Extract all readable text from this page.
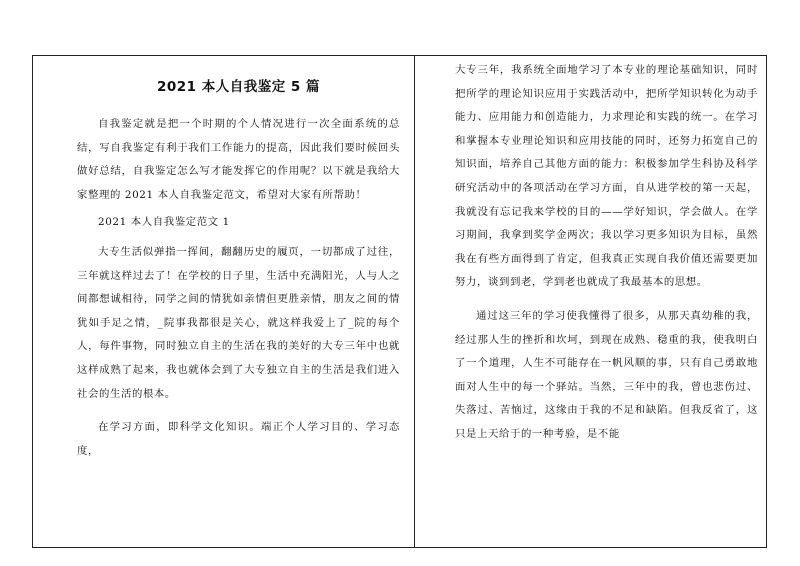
2021 本人自我鉴定 5 篇

自我鉴定就是把一个时期的个人情况进行一次全面系统的总结，写自我鉴定有利于我们工作能力的提高，因此我们要时候回头做好总结，自我鉴定怎么写才能发挥它的作用呢？以下就是我给大家整理的 2021 本人自我鉴定范文，希望对大家有所帮助！

2021 本人自我鉴定范文 1

大专生活似弹指一挥间，翻翻历史的履页，一切都成了过往，三年就这样过去了！在学校的日子里，生活中充满阳光，人与人之间都想诚相待，同学之间的情犹如亲情但更胜亲情，朋友之间的情犹如手足之情，_院事我都很是关心，就这样我爱上了_院的每个人，每件事物，同时独立自主的生活在我的美好的大专三年中也就这样成熟了起来，我也就体会到了大专独立自主的生活是我们进入社会的生活的根本。

在学习方面，即科学文化知识。端正个人学习目的、学习态度，

大专三年，我系统全面地学习了本专业的理论基础知识，同时把所学的理论知识应用于实践活动中，把所学知识转化为动手能力、应用能力和创造能力，力求理论和实践的统一。在学习和掌握本专业理论知识和应用技能的同时，还努力拓宽自己的知识面，培养自己其他方面的能力：积极参加学生科协及科学研究活动中的各项活动在学习方面，自从进学校的第一天起，我就没有忘记我来学校的目的——学好知识，学会做人。在学习期间，我拿到奖学金两次；我以学习更多知识为目标，虽然我在有些方面得到了肯定，但我真正实现自我价值还需要更加努力，谈到到老，学到老也就成了我最基本的思想。

通过这三年的学习使我懂得了很多，从那天真幼稚的我，经过那人生的挫折和坎坷，到现在成熟、稳重的我，使我明白了一个道理，人生不可能存在一帆风顺的事，只有自己勇敢地面对人生中的每一个驿站。当然，三年中的我，曾也悲伤过、失落过、苦恼过，这缘由于我的不足和缺陷。但我反省了，这只是上天给于的一种考验，是不能
